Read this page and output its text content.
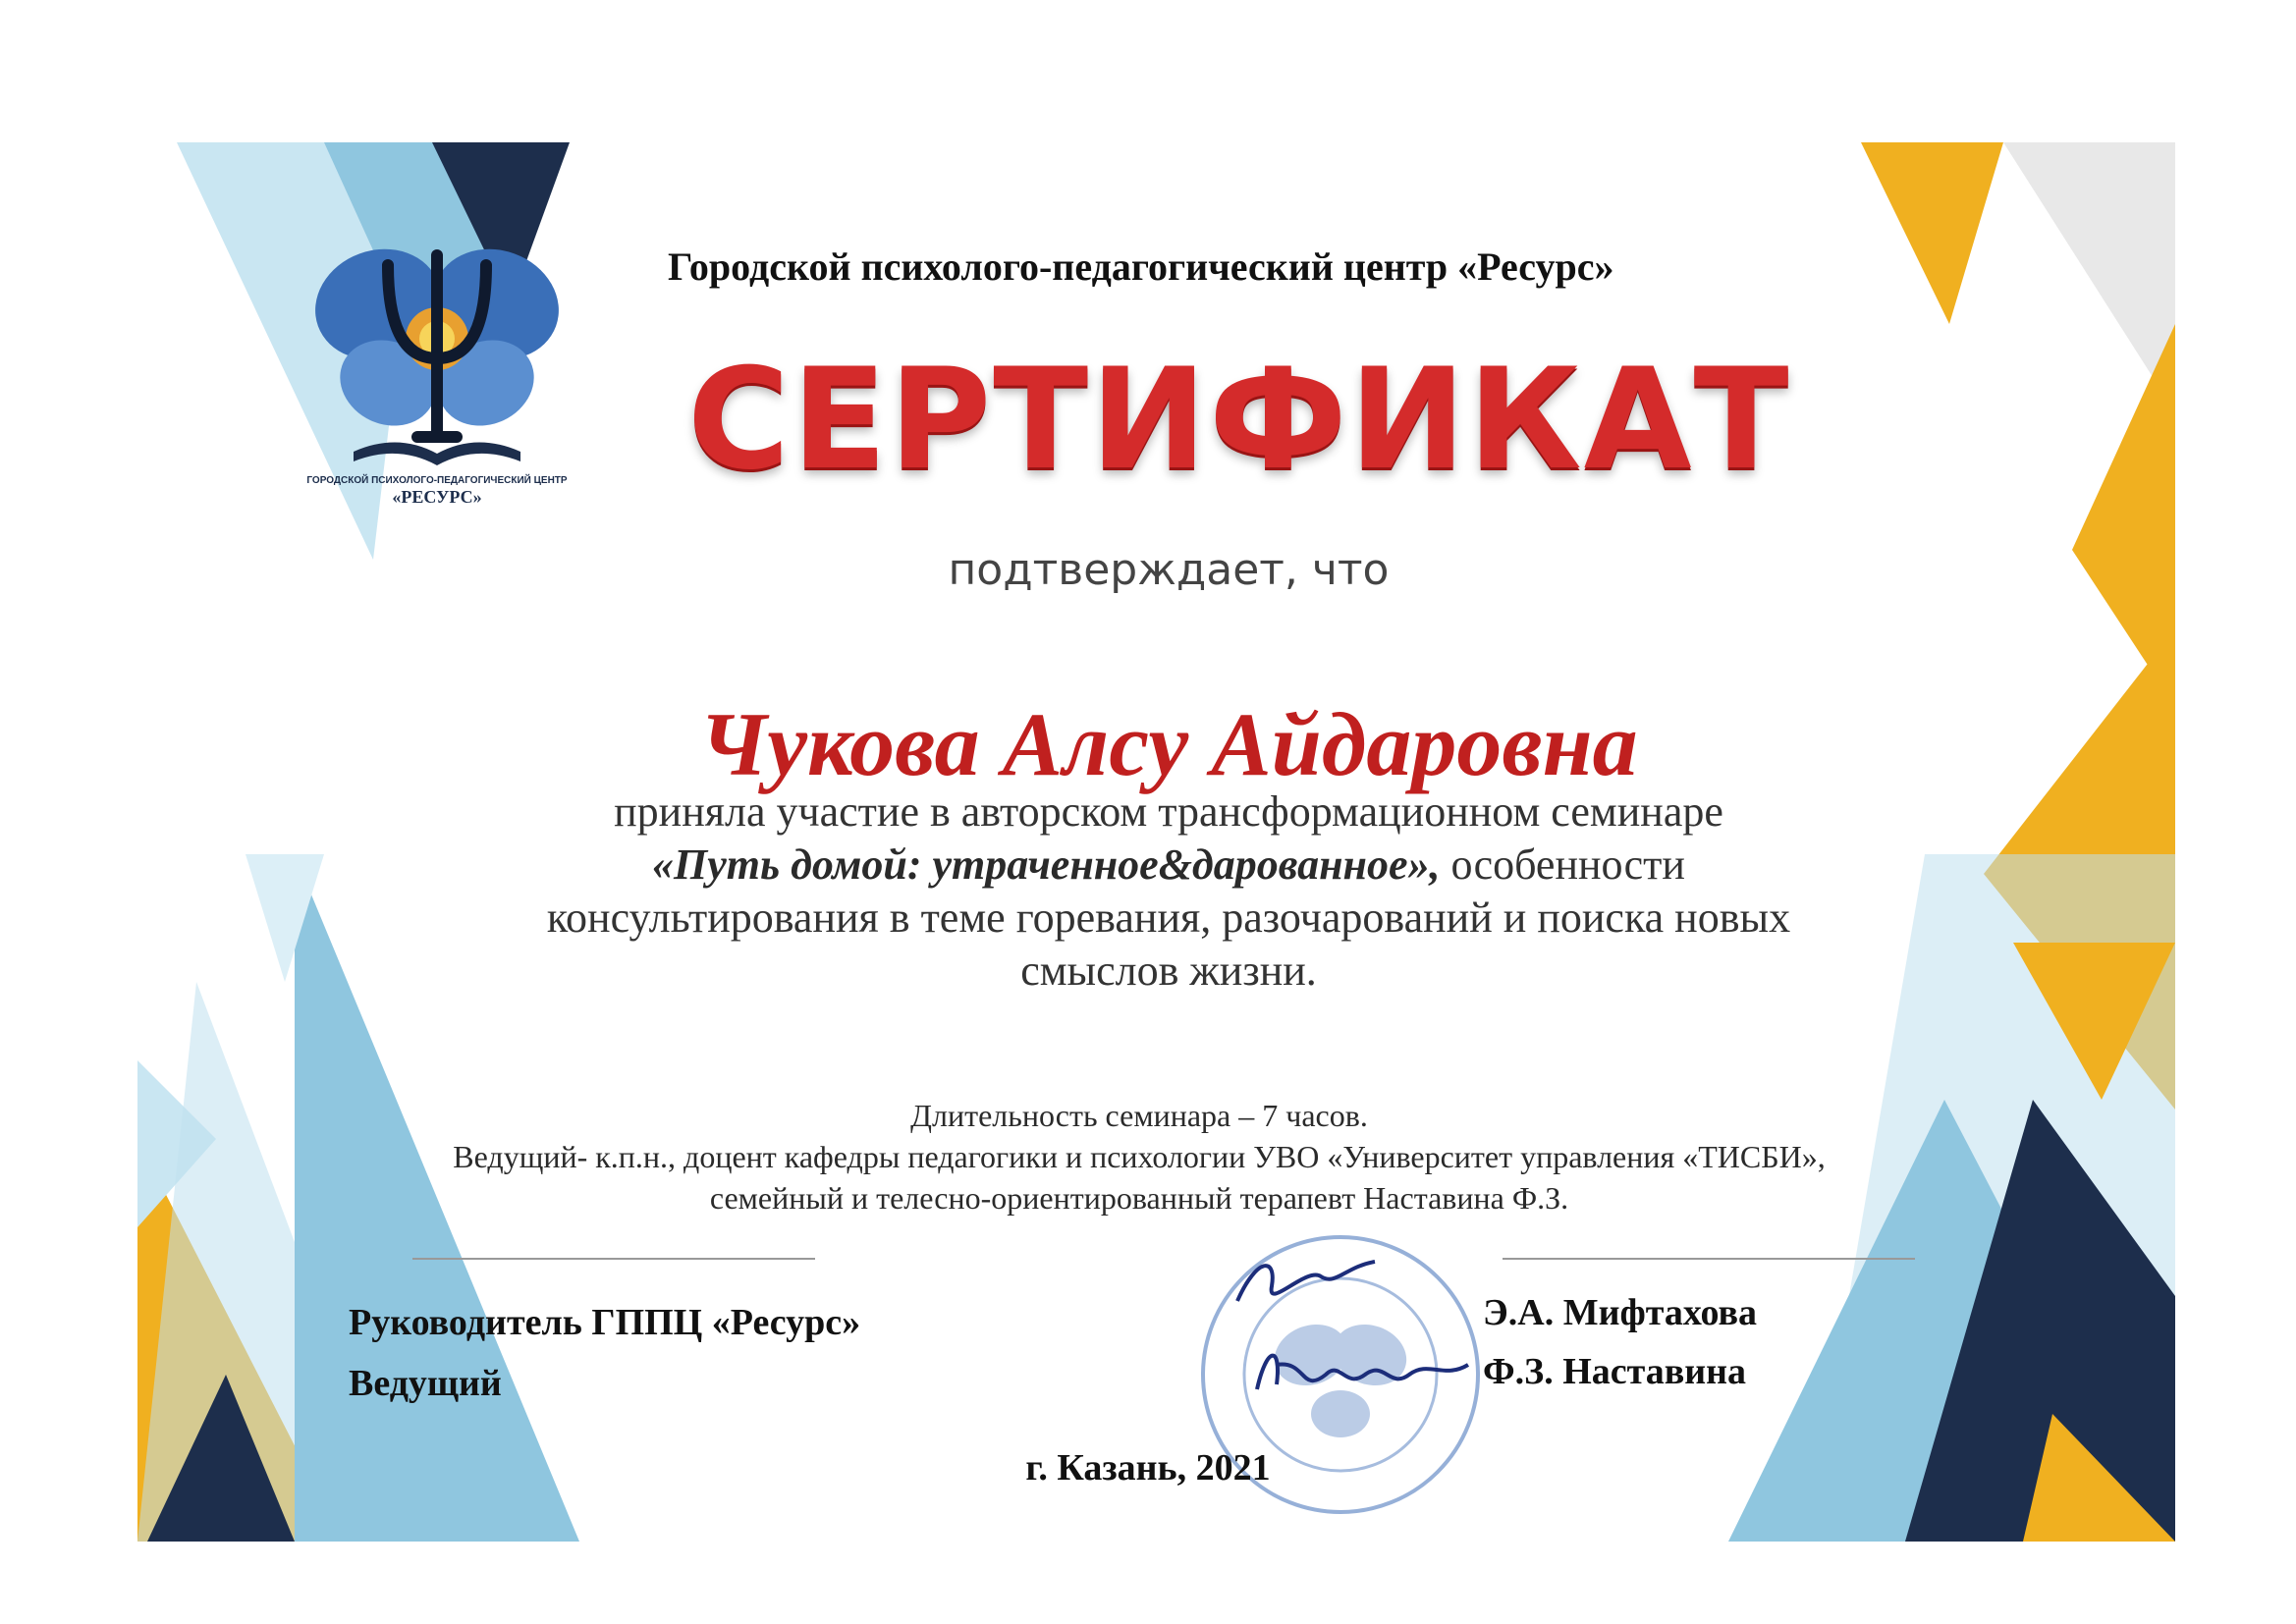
ГОРОДСКОЙ ПСИХОЛОГО-ПЕДАГОГИЧЕСКИЙ ЦЕНТР
«РЕСУРС»
Городской психолого-педагогический центр «Ресурс»
СЕРТИФИКАТ
подтверждает, что
Чукова Алсу Айдаровна
приняла участие в авторском трансформационном семинаре
«Путь домой: утраченное&дарованное», особенности
консультирования в теме горевания, разочарований и поиска новых
смыслов жизни.
Длительность семинара – 7 часов.
Ведущий- к.п.н., доцент кафедры педагогики и психологии УВО «Университет управления «ТИСБИ»,
семейный и телесно-ориентированный терапевт Наставина Ф.З.
Руководитель ГППЦ «Ресурс»
Ведущий
Э.А. Мифтахова
Ф.З. Наставина
г. Казань, 2021
